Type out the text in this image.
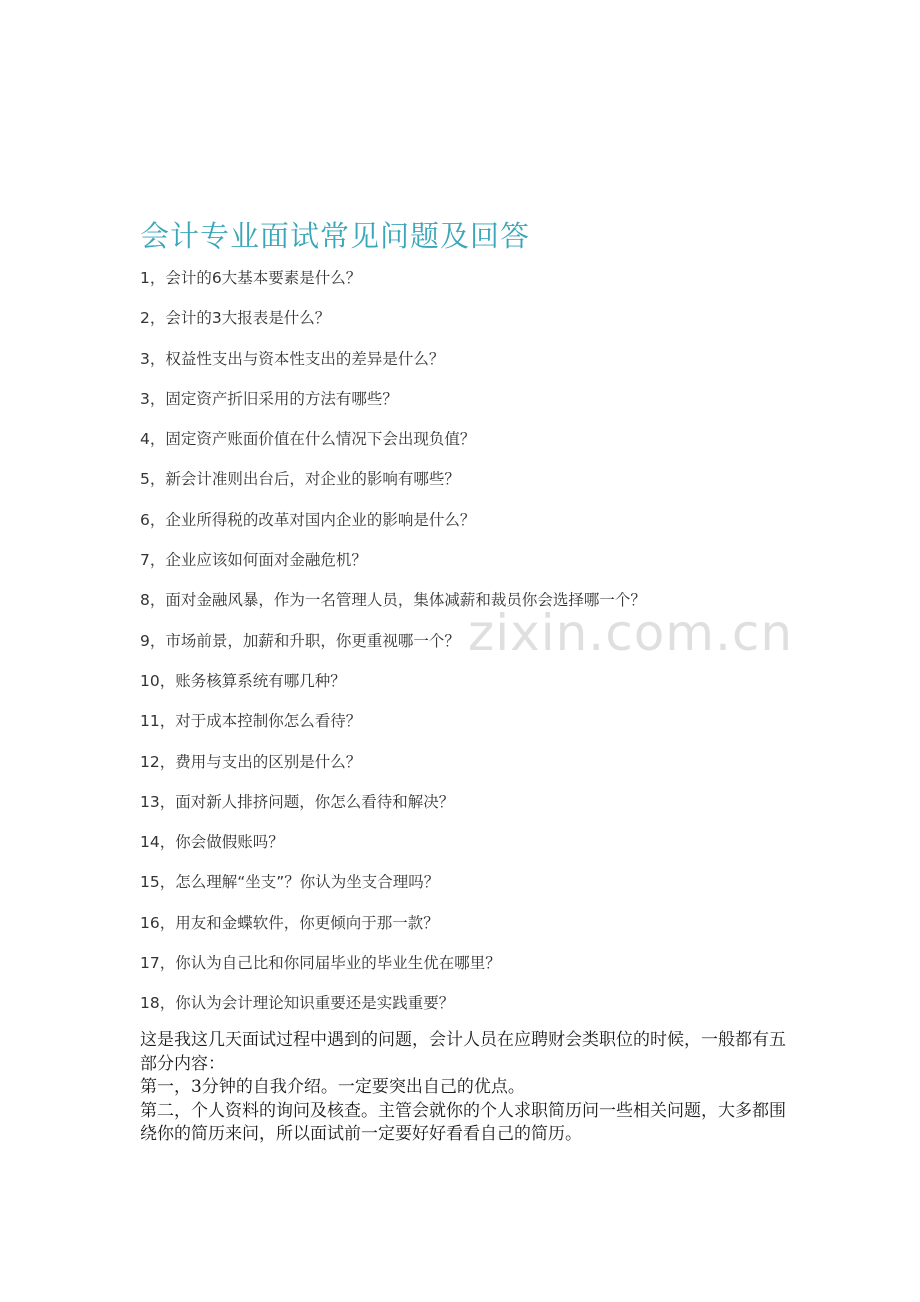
会计专业面试常见问题及回答
1，会计的6大基本要素是什么？
2，会计的3大报表是什么？
3，权益性支出与资本性支出的差异是什么？
3，固定资产折旧采用的方法有哪些？
4，固定资产账面价值在什么情况下会出现负值？
5，新会计准则出台后，对企业的影响有哪些？
6，企业所得税的改革对国内企业的影响是什么？
7，企业应该如何面对金融危机？
8，面对金融风暴，作为一名管理人员，集体减薪和裁员你会选择哪一个？
9，市场前景，加薪和升职，你更重视哪一个？
10，账务核算系统有哪几种？
11，对于成本控制你怎么看待？
12，费用与支出的区别是什么？
13，面对新人排挤问题，你怎么看待和解决？
14，你会做假账吗？
15，怎么理解“坐支”？你认为坐支合理吗？
16，用友和金蝶软件，你更倾向于那一款？
17，你认为自己比和你同届毕业的毕业生优在哪里？
18，你认为会计理论知识重要还是实践重要？

这是我这几天面试过程中遇到的问题，会计人员在应聘财会类职位的时候，一般都有五部分内容：

第一，3分钟的自我介绍。一定要突出自己的优点。

第二，个人资料的询问及核查。主管会就你的个人求职简历问一些相关问题，大多都围绕你的简历来问，所以面试前一定要好好看看自己的简历。

zixin.com.cn
